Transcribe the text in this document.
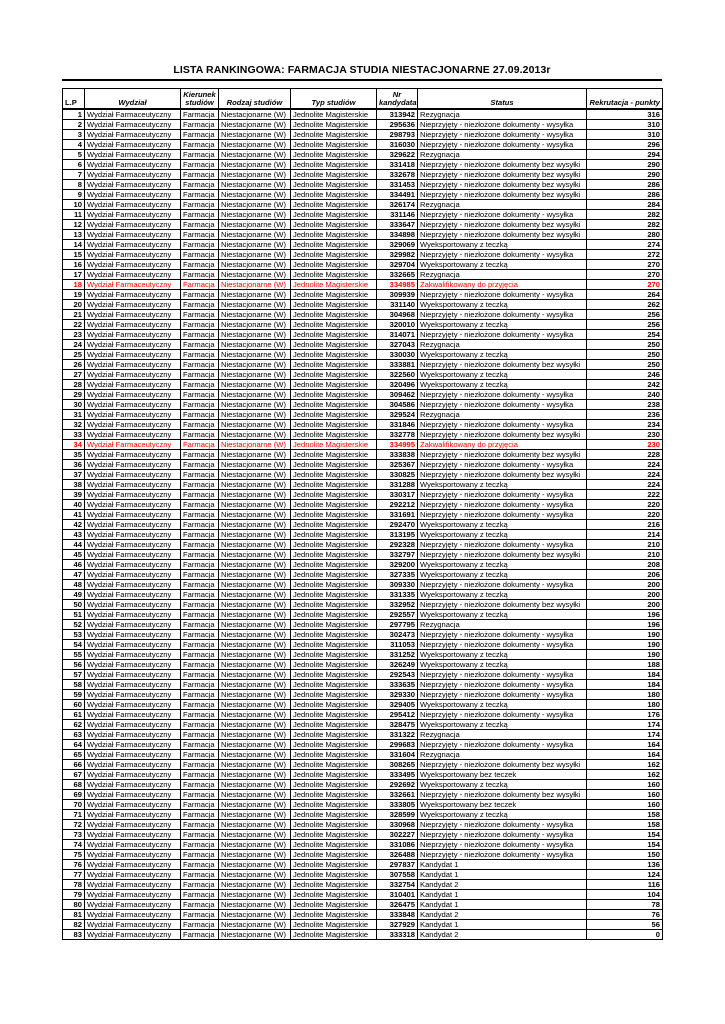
LISTA RANKINGOWA: FARMACJA STUDIA NIESTACJONARNE 27.09.2013r
L.P	Wydział	Kierunek studiów	Rodzaj studiów	Typ studiów	Nr kandydata	Status	Rekrutacja - punkty
1	Wydział Farmaceutyczny	Farmacja	Niestacjonarne (W)	Jednolite Magisterskie	313942	Rezygnacja	316
2	Wydział Farmaceutyczny	Farmacja	Niestacjonarne (W)	Jednolite Magisterskie	295636	Nieprzyjęty - niezłożone dokumenty - wysyłka	310
3	Wydział Farmaceutyczny	Farmacja	Niestacjonarne (W)	Jednolite Magisterskie	298793	Nieprzyjęty - niezłożone dokumenty - wysyłka	310
4	Wydział Farmaceutyczny	Farmacja	Niestacjonarne (W)	Jednolite Magisterskie	316030	Nieprzyjęty - niezłożone dokumenty - wysyłka	296
5	Wydział Farmaceutyczny	Farmacja	Niestacjonarne (W)	Jednolite Magisterskie	329622	Rezygnacja	294
6	Wydział Farmaceutyczny	Farmacja	Niestacjonarne (W)	Jednolite Magisterskie	331418	Nieprzyjęty - niezłożone dokumenty bez wysyłki	290
7	Wydział Farmaceutyczny	Farmacja	Niestacjonarne (W)	Jednolite Magisterskie	332678	Nieprzyjęty - niezłożone dokumenty bez wysyłki	290
8	Wydział Farmaceutyczny	Farmacja	Niestacjonarne (W)	Jednolite Magisterskie	331453	Nieprzyjęty - niezłożone dokumenty bez wysyłki	286
9	Wydział Farmaceutyczny	Farmacja	Niestacjonarne (W)	Jednolite Magisterskie	334491	Nieprzyjęty - niezłożone dokumenty bez wysyłki	286
10	Wydział Farmaceutyczny	Farmacja	Niestacjonarne (W)	Jednolite Magisterskie	326174	Rezygnacja	284
11	Wydział Farmaceutyczny	Farmacja	Niestacjonarne (W)	Jednolite Magisterskie	331146	Nieprzyjęty - niezłożone dokumenty - wysyłka	282
12	Wydział Farmaceutyczny	Farmacja	Niestacjonarne (W)	Jednolite Magisterskie	333647	Nieprzyjęty - niezłożone dokumenty bez wysyłki	282
13	Wydział Farmaceutyczny	Farmacja	Niestacjonarne (W)	Jednolite Magisterskie	334898	Nieprzyjęty - niezłożone dokumenty bez wysyłki	280
14	Wydział Farmaceutyczny	Farmacja	Niestacjonarne (W)	Jednolite Magisterskie	329069	Wyeksportowany z teczką	274
15	Wydział Farmaceutyczny	Farmacja	Niestacjonarne (W)	Jednolite Magisterskie	329982	Nieprzyjęty - niezłożone dokumenty - wysyłka	272
16	Wydział Farmaceutyczny	Farmacja	Niestacjonarne (W)	Jednolite Magisterskie	329704	Wyeksportowany z teczką	270
17	Wydział Farmaceutyczny	Farmacja	Niestacjonarne (W)	Jednolite Magisterskie	332665	Rezygnacja	270
18	Wydział Farmaceutyczny	Farmacja	Niestacjonarne (W)	Jednolite Magisterskie	334985	Zakwalifikowany do przyjęcia	270
19	Wydział Farmaceutyczny	Farmacja	Niestacjonarne (W)	Jednolite Magisterskie	309939	Nieprzyjęty - niezłożone dokumenty - wysyłka	264
20	Wydział Farmaceutyczny	Farmacja	Niestacjonarne (W)	Jednolite Magisterskie	331140	Wyeksportowany z teczką	262
21	Wydział Farmaceutyczny	Farmacja	Niestacjonarne (W)	Jednolite Magisterskie	304968	Nieprzyjęty - niezłożone dokumenty - wysyłka	256
22	Wydział Farmaceutyczny	Farmacja	Niestacjonarne (W)	Jednolite Magisterskie	320010	Wyeksportowany z teczką	256
23	Wydział Farmaceutyczny	Farmacja	Niestacjonarne (W)	Jednolite Magisterskie	314071	Nieprzyjęty - niezłożone dokumenty - wysyłka	254
24	Wydział Farmaceutyczny	Farmacja	Niestacjonarne (W)	Jednolite Magisterskie	327043	Rezygnacja	250
25	Wydział Farmaceutyczny	Farmacja	Niestacjonarne (W)	Jednolite Magisterskie	330030	Wyeksportowany z teczką	250
26	Wydział Farmaceutyczny	Farmacja	Niestacjonarne (W)	Jednolite Magisterskie	333881	Nieprzyjęty - niezłożone dokumenty bez wysyłki	250
27	Wydział Farmaceutyczny	Farmacja	Niestacjonarne (W)	Jednolite Magisterskie	322560	Wyeksportowany z teczką	246
28	Wydział Farmaceutyczny	Farmacja	Niestacjonarne (W)	Jednolite Magisterskie	320496	Wyeksportowany z teczką	242
29	Wydział Farmaceutyczny	Farmacja	Niestacjonarne (W)	Jednolite Magisterskie	309462	Nieprzyjęty - niezłożone dokumenty - wysyłka	240
30	Wydział Farmaceutyczny	Farmacja	Niestacjonarne (W)	Jednolite Magisterskie	304586	Nieprzyjęty - niezłożone dokumenty - wysyłka	238
31	Wydział Farmaceutyczny	Farmacja	Niestacjonarne (W)	Jednolite Magisterskie	329524	Rezygnacja	236
32	Wydział Farmaceutyczny	Farmacja	Niestacjonarne (W)	Jednolite Magisterskie	331846	Nieprzyjęty - niezłożone dokumenty - wysyłka	234
33	Wydział Farmaceutyczny	Farmacja	Niestacjonarne (W)	Jednolite Magisterskie	332778	Nieprzyjęty - niezłożone dokumenty bez wysyłki	230
34	Wydział Farmaceutyczny	Farmacja	Niestacjonarne (W)	Jednolite Magisterskie	334995	Zakwalifikowany do przyjęcia	230
35	Wydział Farmaceutyczny	Farmacja	Niestacjonarne (W)	Jednolite Magisterskie	333838	Nieprzyjęty - niezłożone dokumenty bez wysyłki	228
36	Wydział Farmaceutyczny	Farmacja	Niestacjonarne (W)	Jednolite Magisterskie	325367	Nieprzyjęty - niezłożone dokumenty - wysyłka	224
37	Wydział Farmaceutyczny	Farmacja	Niestacjonarne (W)	Jednolite Magisterskie	330825	Nieprzyjęty - niezłożone dokumenty bez wysyłki	224
38	Wydział Farmaceutyczny	Farmacja	Niestacjonarne (W)	Jednolite Magisterskie	331288	Wyeksportowany z teczką	224
39	Wydział Farmaceutyczny	Farmacja	Niestacjonarne (W)	Jednolite Magisterskie	330317	Nieprzyjęty - niezłożone dokumenty - wysyłka	222
40	Wydział Farmaceutyczny	Farmacja	Niestacjonarne (W)	Jednolite Magisterskie	292212	Nieprzyjęty - niezłożone dokumenty - wysyłka	220
41	Wydział Farmaceutyczny	Farmacja	Niestacjonarne (W)	Jednolite Magisterskie	331691	Nieprzyjęty - niezłożone dokumenty - wysyłka	220
42	Wydział Farmaceutyczny	Farmacja	Niestacjonarne (W)	Jednolite Magisterskie	292470	Wyeksportowany z teczką	216
43	Wydział Farmaceutyczny	Farmacja	Niestacjonarne (W)	Jednolite Magisterskie	313195	Wyeksportowany z teczką	214
44	Wydział Farmaceutyczny	Farmacja	Niestacjonarne (W)	Jednolite Magisterskie	292328	Nieprzyjęty - niezłożone dokumenty - wysyłka	210
45	Wydział Farmaceutyczny	Farmacja	Niestacjonarne (W)	Jednolite Magisterskie	332797	Nieprzyjęty - niezłożone dokumenty bez wysyłki	210
46	Wydział Farmaceutyczny	Farmacja	Niestacjonarne (W)	Jednolite Magisterskie	329200	Wyeksportowany z teczką	208
47	Wydział Farmaceutyczny	Farmacja	Niestacjonarne (W)	Jednolite Magisterskie	327335	Wyeksportowany z teczką	206
48	Wydział Farmaceutyczny	Farmacja	Niestacjonarne (W)	Jednolite Magisterskie	309330	Nieprzyjęty - niezłożone dokumenty - wysyłka	200
49	Wydział Farmaceutyczny	Farmacja	Niestacjonarne (W)	Jednolite Magisterskie	331335	Wyeksportowany z teczką	200
50	Wydział Farmaceutyczny	Farmacja	Niestacjonarne (W)	Jednolite Magisterskie	332952	Nieprzyjęty - niezłożone dokumenty bez wysyłki	200
51	Wydział Farmaceutyczny	Farmacja	Niestacjonarne (W)	Jednolite Magisterskie	292557	Wyeksportowany z teczką	196
52	Wydział Farmaceutyczny	Farmacja	Niestacjonarne (W)	Jednolite Magisterskie	297795	Rezygnacja	196
53	Wydział Farmaceutyczny	Farmacja	Niestacjonarne (W)	Jednolite Magisterskie	302473	Nieprzyjęty - niezłożone dokumenty - wysyłka	190
54	Wydział Farmaceutyczny	Farmacja	Niestacjonarne (W)	Jednolite Magisterskie	311053	Nieprzyjęty - niezłożone dokumenty - wysyłka	190
55	Wydział Farmaceutyczny	Farmacja	Niestacjonarne (W)	Jednolite Magisterskie	331252	Wyeksportowany z teczką	190
56	Wydział Farmaceutyczny	Farmacja	Niestacjonarne (W)	Jednolite Magisterskie	326249	Wyeksportowany z teczką	188
57	Wydział Farmaceutyczny	Farmacja	Niestacjonarne (W)	Jednolite Magisterskie	292543	Nieprzyjęty - niezłożone dokumenty - wysyłka	184
58	Wydział Farmaceutyczny	Farmacja	Niestacjonarne (W)	Jednolite Magisterskie	333635	Nieprzyjęty - niezłożone dokumenty - wysyłka	184
59	Wydział Farmaceutyczny	Farmacja	Niestacjonarne (W)	Jednolite Magisterskie	329330	Nieprzyjęty - niezłożone dokumenty - wysyłka	180
60	Wydział Farmaceutyczny	Farmacja	Niestacjonarne (W)	Jednolite Magisterskie	329405	Wyeksportowany z teczką	180
61	Wydział Farmaceutyczny	Farmacja	Niestacjonarne (W)	Jednolite Magisterskie	295412	Nieprzyjęty - niezłożone dokumenty - wysyłka	176
62	Wydział Farmaceutyczny	Farmacja	Niestacjonarne (W)	Jednolite Magisterskie	328475	Wyeksportowany z teczką	174
63	Wydział Farmaceutyczny	Farmacja	Niestacjonarne (W)	Jednolite Magisterskie	331322	Rezygnacja	174
64	Wydział Farmaceutyczny	Farmacja	Niestacjonarne (W)	Jednolite Magisterskie	299683	Nieprzyjęty - niezłożone dokumenty - wysyłka	164
65	Wydział Farmaceutyczny	Farmacja	Niestacjonarne (W)	Jednolite Magisterskie	331604	Rezygnacja	164
66	Wydział Farmaceutyczny	Farmacja	Niestacjonarne (W)	Jednolite Magisterskie	308265	Nieprzyjęty - niezłożone dokumenty bez wysyłki	162
67	Wydział Farmaceutyczny	Farmacja	Niestacjonarne (W)	Jednolite Magisterskie	333495	Wyeksportowany bez teczek	162
68	Wydział Farmaceutyczny	Farmacja	Niestacjonarne (W)	Jednolite Magisterskie	292692	Wyeksportowany z teczką	160
69	Wydział Farmaceutyczny	Farmacja	Niestacjonarne (W)	Jednolite Magisterskie	332661	Nieprzyjęty - niezłożone dokumenty bez wysyłki	160
70	Wydział Farmaceutyczny	Farmacja	Niestacjonarne (W)	Jednolite Magisterskie	333805	Wyeksportowany bez teczek	160
71	Wydział Farmaceutyczny	Farmacja	Niestacjonarne (W)	Jednolite Magisterskie	328599	Wyeksportowany z teczką	158
72	Wydział Farmaceutyczny	Farmacja	Niestacjonarne (W)	Jednolite Magisterskie	330968	Nieprzyjęty - niezłożone dokumenty - wysyłka	158
73	Wydział Farmaceutyczny	Farmacja	Niestacjonarne (W)	Jednolite Magisterskie	302227	Nieprzyjęty - niezłożone dokumenty - wysyłka	154
74	Wydział Farmaceutyczny	Farmacja	Niestacjonarne (W)	Jednolite Magisterskie	331086	Nieprzyjęty - niezłożone dokumenty - wysyłka	154
75	Wydział Farmaceutyczny	Farmacja	Niestacjonarne (W)	Jednolite Magisterskie	326488	Nieprzyjęty - niezłożone dokumenty - wysyłka	150
76	Wydział Farmaceutyczny	Farmacja	Niestacjonarne (W)	Jednolite Magisterskie	297837	Kandydat 1	136
77	Wydział Farmaceutyczny	Farmacja	Niestacjonarne (W)	Jednolite Magisterskie	307558	Kandydat 1	124
78	Wydział Farmaceutyczny	Farmacja	Niestacjonarne (W)	Jednolite Magisterskie	332754	Kandydat 2	116
79	Wydział Farmaceutyczny	Farmacja	Niestacjonarne (W)	Jednolite Magisterskie	310401	Kandydat 1	104
80	Wydział Farmaceutyczny	Farmacja	Niestacjonarne (W)	Jednolite Magisterskie	326475	Kandydat 1	78
81	Wydział Farmaceutyczny	Farmacja	Niestacjonarne (W)	Jednolite Magisterskie	333848	Kandydat 2	76
82	Wydział Farmaceutyczny	Farmacja	Niestacjonarne (W)	Jednolite Magisterskie	327929	Kandydat 1	56
83	Wydział Farmaceutyczny	Farmacja	Niestacjonarne (W)	Jednolite Magisterskie	333318	Kandydat 2	0
